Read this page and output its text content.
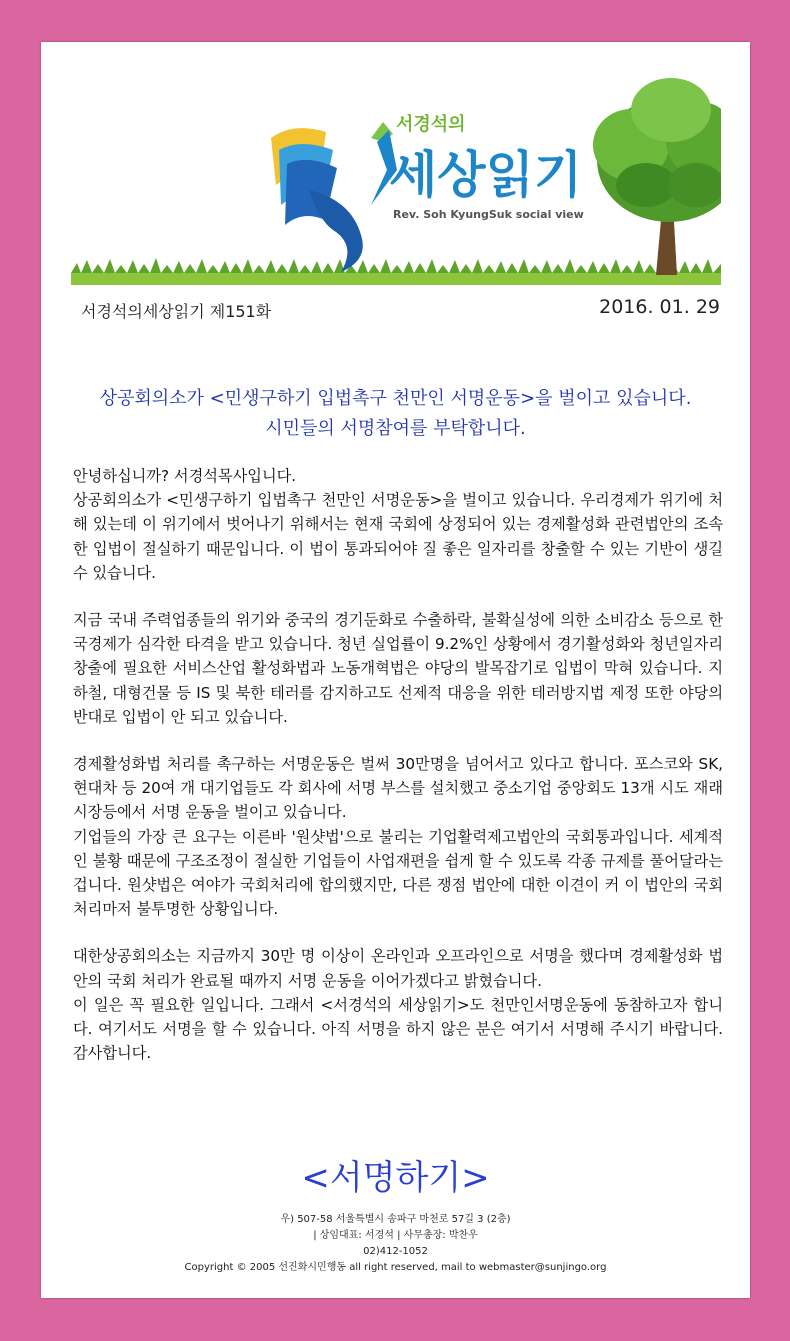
서경석의
세상읽기
Rev. Soh KyungSuk social view
서경석의세상읽기 제151화	2016. 01. 29
상공회의소가 <민생구하기 입법촉구 천만인 서명운동>을 벌이고 있습니다.
시민들의 서명참여를 부탁합니다.

안녕하십니까? 서경석목사입니다.
상공회의소가 <민생구하기 입법촉구 천만인 서명운동>을 벌이고 있습니다. 우리경제가 위기에 처해 있는데 이 위기에서 벗어나기 위해서는 현재 국회에 상정되어 있는 경제활성화 관련법안의 조속한 입법이 절실하기 때문입니다. 이 법이 통과되어야 질 좋은 일자리를 창출할 수 있는 기반이 생길 수 있습니다.

지금 국내 주력업종들의 위기와 중국의 경기둔화로 수출하락, 불확실성에 의한 소비감소 등으로 한국경제가 심각한 타격을 받고 있습니다. 청년 실업률이 9.2%인 상황에서 경기활성화와 청년일자리 창출에 필요한 서비스산업 활성화법과 노동개혁법은 야당의 발목잡기로 입법이 막혀 있습니다. 지하철, 대형건물 등 IS 및 북한 테러를 감지하고도 선제적 대응을 위한 테러방지법 제정 또한 야당의 반대로 입법이 안 되고 있습니다.

경제활성화법 처리를 촉구하는 서명운동은 벌써 30만명을 넘어서고 있다고 합니다. 포스코와 SK, 현대차 등 20여 개 대기업들도 각 회사에 서명 부스를 설치했고 중소기업 중앙회도 13개 시도 재래시장등에서 서명 운동을 벌이고 있습니다.
기업들의 가장 큰 요구는 이른바 '원샷법'으로 불리는 기업활력제고법안의 국회통과입니다. 세계적인 불황 때문에 구조조정이 절실한 기업들이 사업재편을 쉽게 할 수 있도록 각종 규제를 풀어달라는 겁니다. 원샷법은 여야가 국회처리에 합의했지만, 다른 쟁점 법안에 대한 이견이 커 이 법안의 국회처리마저 불투명한 상황입니다.

대한상공회의소는 지금까지 30만 명 이상이 온라인과 오프라인으로 서명을 했다며 경제활성화 법안의 국회 처리가 완료될 때까지 서명 운동을 이어가겠다고 밝혔습니다.
이 일은 꼭 필요한 일입니다. 그래서 <서경석의 세상읽기>도 천만인서명운동에 동참하고자 합니다. 여기서도 서명을 할 수 있습니다. 아직 서명을 하지 않은 분은 여기서 서명해 주시기 바랍니다. 감사합니다.

<서명하기>
우) 507-58 서울특별시 송파구 마천로 57길 3 (2층)
| 상임대표: 서경석 | 사무총장: 박찬우
02)412-1052
Copyright © 2005 선진화시민행동 all right reserved, mail to webmaster@sunjingo.org
